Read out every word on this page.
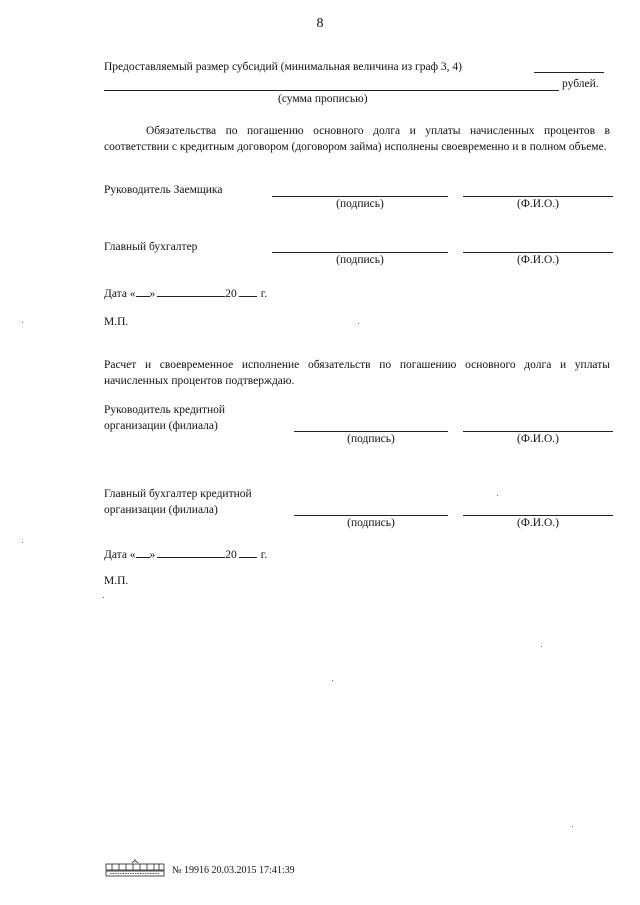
8
Предоставляемый размер субсидий (минимальная величина из граф 3, 4)
рублей.
(сумма прописью)
Обязательства по погашению основного долга и уплаты начисленных процентов в соответствии с кредитным договором (договором займа) исполнены своевременно и в полном объеме.
Руководитель Заемщика
(подпись)	(Ф.И.О.)
Главный бухгалтер
(подпись)	(Ф.И.О.)
Дата « »	20 г.
М.П.
Расчет и своевременное исполнение обязательств по погашению основного долга и уплаты начисленных процентов подтверждаю.
Руководитель кредитной
организации (филиала)
(подпись)	(Ф.И.О.)
Главный бухгалтер кредитной
организации (филиала)
(подпись)	(Ф.И.О.)
Дата « »	20 г.
М.П.
№ 19916 20.03.2015 17:41:39
